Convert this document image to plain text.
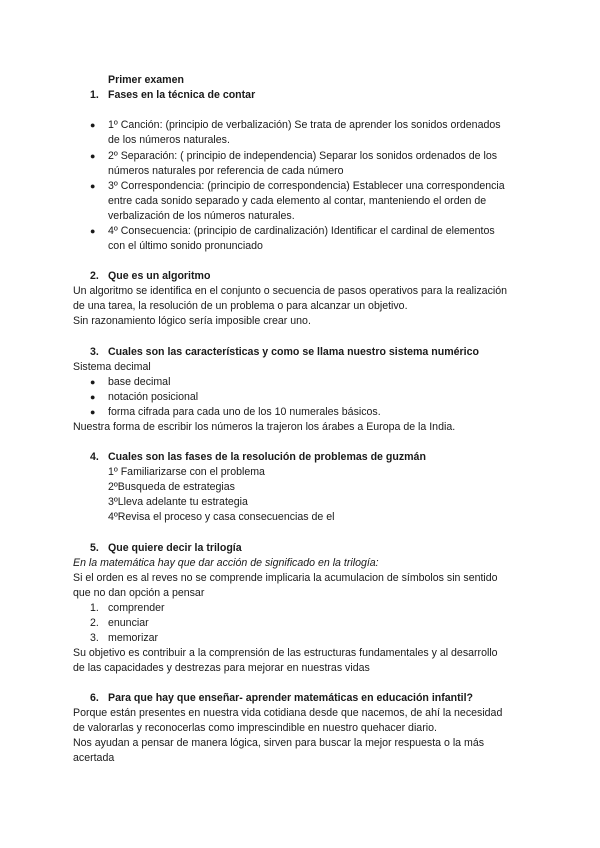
Primer examen
1. Fases en la técnica de contar
● 1º Canción: (principio de verbalización) Se trata de aprender los sonidos ordenados
de los números naturales.
● 2º Separación: ( principio de independencia) Separar los sonidos ordenados de los
números naturales por referencia de cada número
● 3º Correspondencia: (principio de correspondencia) Establecer una correspondencia
entre cada sonido separado y cada elemento al contar, manteniendo el orden de
verbalización de los números naturales.
● 4º Consecuencia: (principio de cardinalización) Identificar el cardinal de elementos
con el último sonido pronunciado
2. Que es un algoritmo
Un algoritmo se identifica en el conjunto o secuencia de pasos operativos para la realización
de una tarea, la resolución de un problema o para alcanzar un objetivo.
Sin razonamiento lógico sería imposible crear uno.
3. Cuales son las características y como se llama nuestro sistema numérico
Sistema decimal
● base decimal
● notación posicional
● forma cifrada para cada uno de los 10 numerales básicos.
Nuestra forma de escribir los números la trajeron los árabes a Europa de la India.
4. Cuales son las fases de la resolución de problemas de guzmán
1º Familiarizarse con el problema
2ºBusqueda de estrategias
3ºLleva adelante tu estrategia
4ºRevisa el proceso y casa consecuencias de el
5. Que quiere decir la trilogía
En la matemática hay que dar acción de significado en la trilogía:
Si el orden es al reves no se comprende implicaria la acumulacion de símbolos sin sentido
que no dan opción a pensar
1. comprender
2. enunciar
3. memorizar
Su objetivo es contribuir a la comprensión de las estructuras fundamentales y al desarrollo
de las capacidades y destrezas para mejorar en nuestras vidas
6. Para que hay que enseñar- aprender matemáticas en educación infantil?
Porque están presentes en nuestra vida cotidiana desde que nacemos, de ahí la necesidad
de valorarlas y reconocerlas como imprescindible en nuestro quehacer diario.
Nos ayudan a pensar de manera lógica, sirven para buscar la mejor respuesta o la más
acertada
